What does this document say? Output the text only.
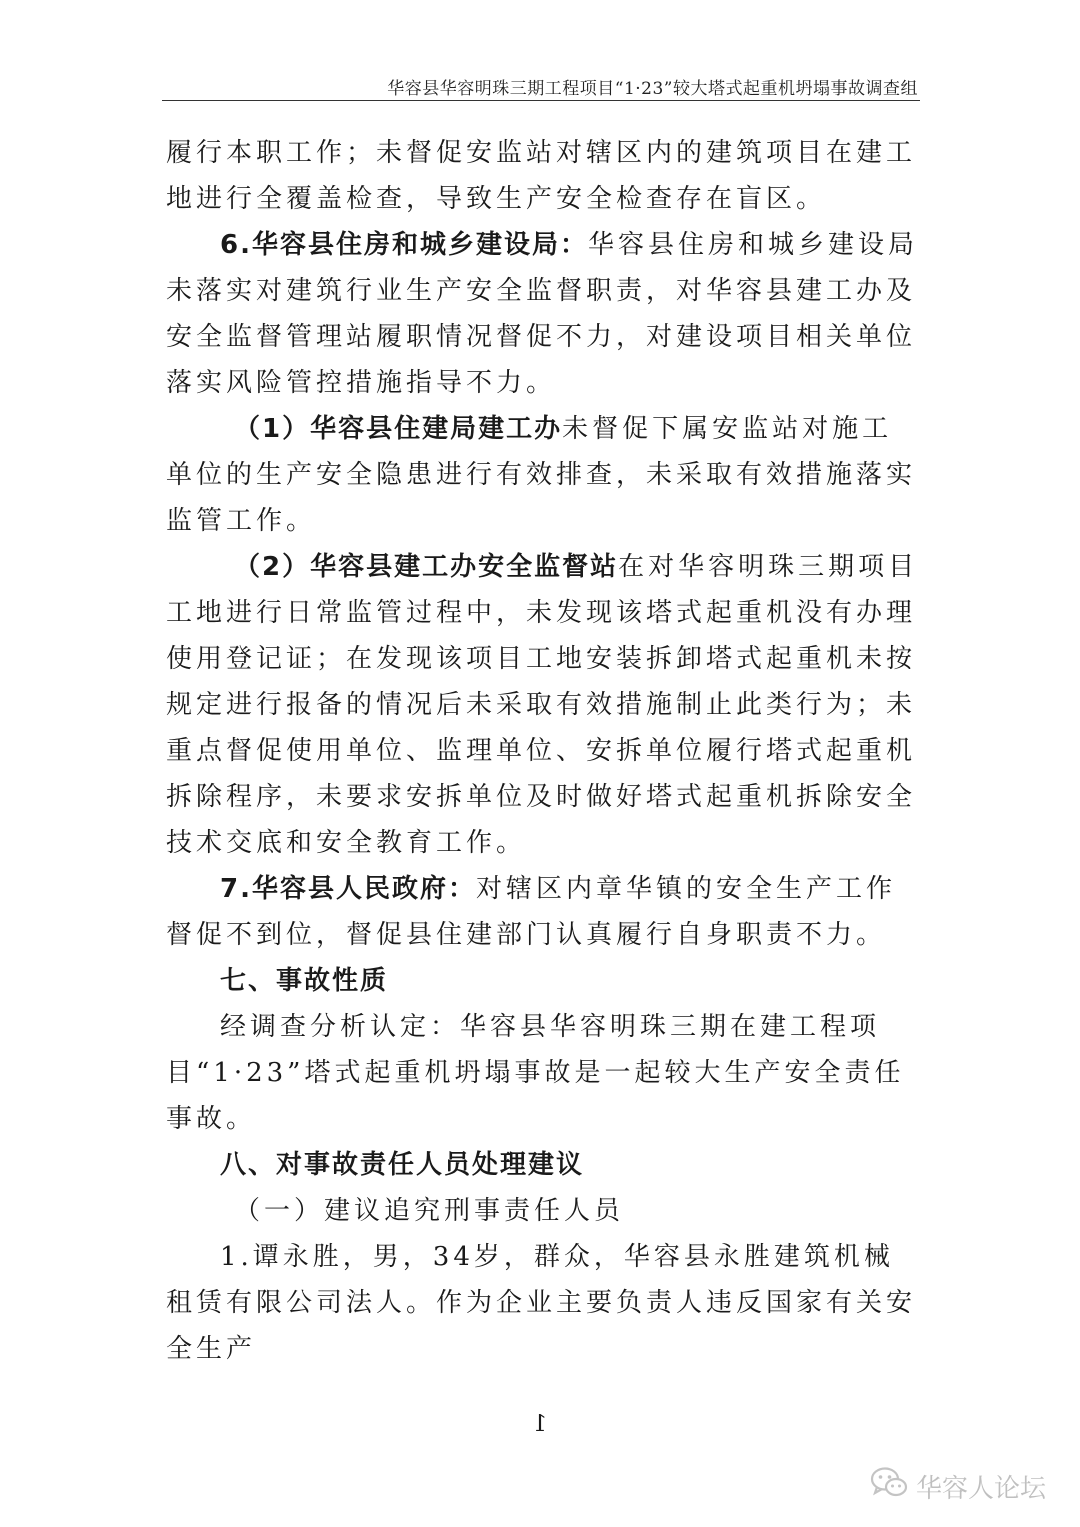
华容县华容明珠三期工程项目“1·23”较大塔式起重机坍塌事故调查组

履行本职工作；未督促安监站对辖区内的建筑项目在建工地进行全覆盖检查，导致生产安全检查存在盲区。

6.华容县住房和城乡建设局：华容县住房和城乡建设局未落实对建筑行业生产安全监督职责，对华容县建工办及安全监督管理站履职情况督促不力，对建设项目相关单位落实风险管控措施指导不力。

（1）华容县住建局建工办未督促下属安监站对施工单位的生产安全隐患进行有效排查，未采取有效措施落实监管工作。

（2）华容县建工办安全监督站在对华容明珠三期项目工地进行日常监管过程中，未发现该塔式起重机没有办理使用登记证；在发现该项目工地安装拆卸塔式起重机未按规定进行报备的情况后未采取有效措施制止此类行为；未重点督促使用单位、监理单位、安拆单位履行塔式起重机拆除程序，未要求安拆单位及时做好塔式起重机拆除安全技术交底和安全教育工作。

7.华容县人民政府：对辖区内章华镇的安全生产工作督促不到位，督促县住建部门认真履行自身职责不力。

七、事故性质

经调查分析认定：华容县华容明珠三期在建工程项目“1·23”塔式起重机坍塌事故是一起较大生产安全责任事故。

八、对事故责任人员处理建议

（一）建议追究刑事责任人员

1.谭永胜，男，34岁，群众，华容县永胜建筑机械租赁有限公司法人。作为企业主要负责人违反国家有关安全生产

1
华容人论坛
